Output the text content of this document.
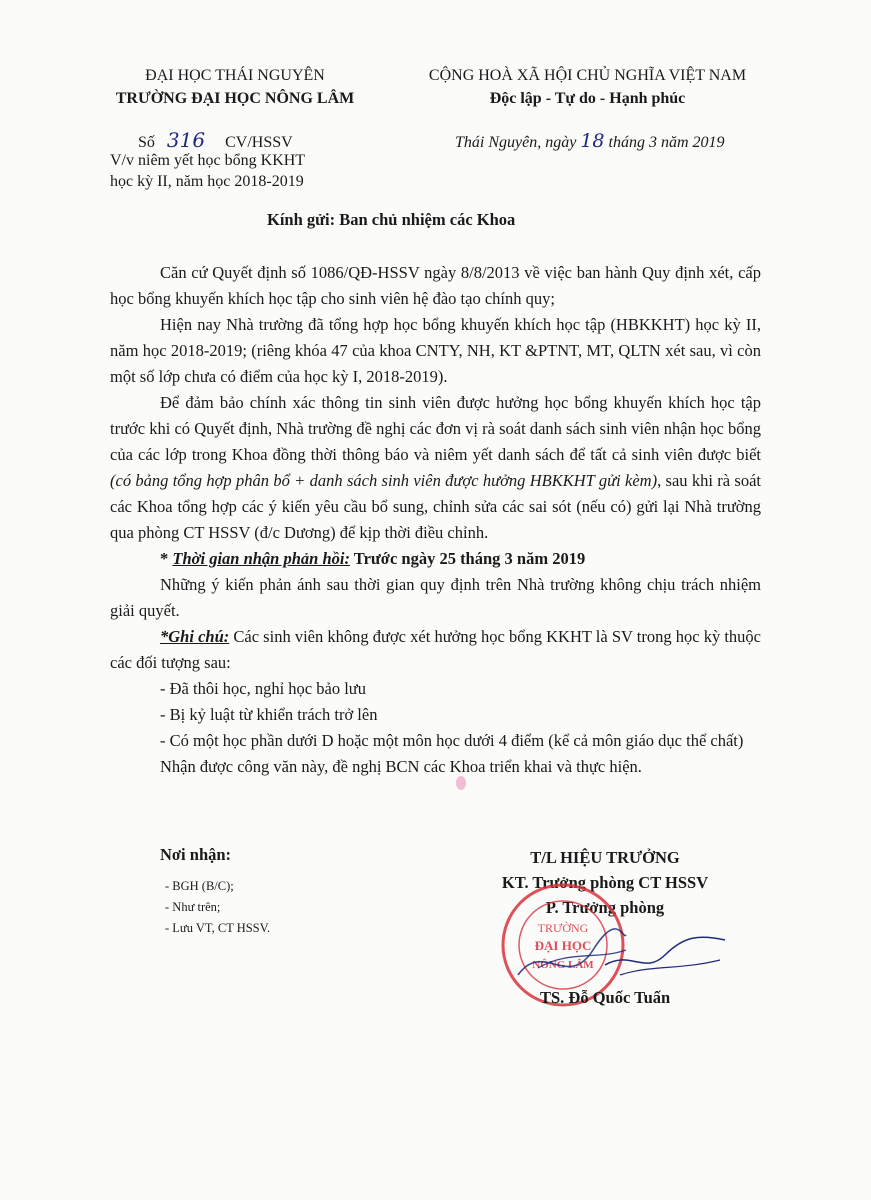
ĐẠI HỌC THÁI NGUYÊN
TRƯỜNG ĐẠI HỌC NÔNG LÂM
CỘNG HOÀ XÃ HỘI CHỦ NGHĨA VIỆT NAM
Độc lập - Tự do - Hạnh phúc
Số 316 CV/HSSV
V/v niêm yết học bổng KKHT
học kỳ II, năm học 2018-2019
Thái Nguyên, ngày 18 tháng 3 năm 2019
Kính gửi: Ban chủ nhiệm các Khoa

Căn cứ Quyết định số 1086/QĐ-HSSV ngày 8/8/2013 về việc ban hành Quy định xét, cấp học bổng khuyến khích học tập cho sinh viên hệ đào tạo chính quy;

Hiện nay Nhà trường đã tổng hợp học bổng khuyến khích học tập (HBKKHT) học kỳ II, năm học 2018-2019; (riêng khóa 47 của khoa CNTY, NH, KT &PTNT, MT, QLTN xét sau, vì còn một số lớp chưa có điểm của học kỳ I, 2018-2019).

Để đảm bảo chính xác thông tin sinh viên được hưởng học bổng khuyến khích học tập trước khi có Quyết định, Nhà trường đề nghị các đơn vị rà soát danh sách sinh viên nhận học bổng của các lớp trong Khoa đồng thời thông báo và niêm yết danh sách để tất cả sinh viên được biết (có bảng tổng hợp phân bổ + danh sách sinh viên được hưởng HBKKHT gửi kèm), sau khi rà soát các Khoa tổng hợp các ý kiến yêu cầu bổ sung, chỉnh sửa các sai sót (nếu có) gửi lại Nhà trường qua phòng CT HSSV (đ/c Dương) để kịp thời điều chỉnh.

* Thời gian nhận phản hồi: Trước ngày 25 tháng 3 năm 2019

Những ý kiến phản ánh sau thời gian quy định trên Nhà trường không chịu trách nhiệm giải quyết.

*Ghi chú: Các sinh viên không được xét hưởng học bổng KKHT là SV trong học kỳ thuộc các đối tượng sau:

- Đã thôi học, nghỉ học bảo lưu

- Bị kỷ luật từ khiển trách trở lên

- Có một học phần dưới D hoặc một môn học dưới 4 điểm (kể cả môn giáo dục thể chất)

Nhận được công văn này, đề nghị BCN các Khoa triển khai và thực hiện.

Nơi nhận:
- BGH (B/C);
- Như trên;
- Lưu VT, CT HSSV.
T/L HIỆU TRƯỞNG
KT. Trưởng phòng CT HSSV
P. Trưởng phòng
TRƯỜNG
ĐẠI HỌC
NÔNG LÂM
TS. Đỗ Quốc Tuấn
